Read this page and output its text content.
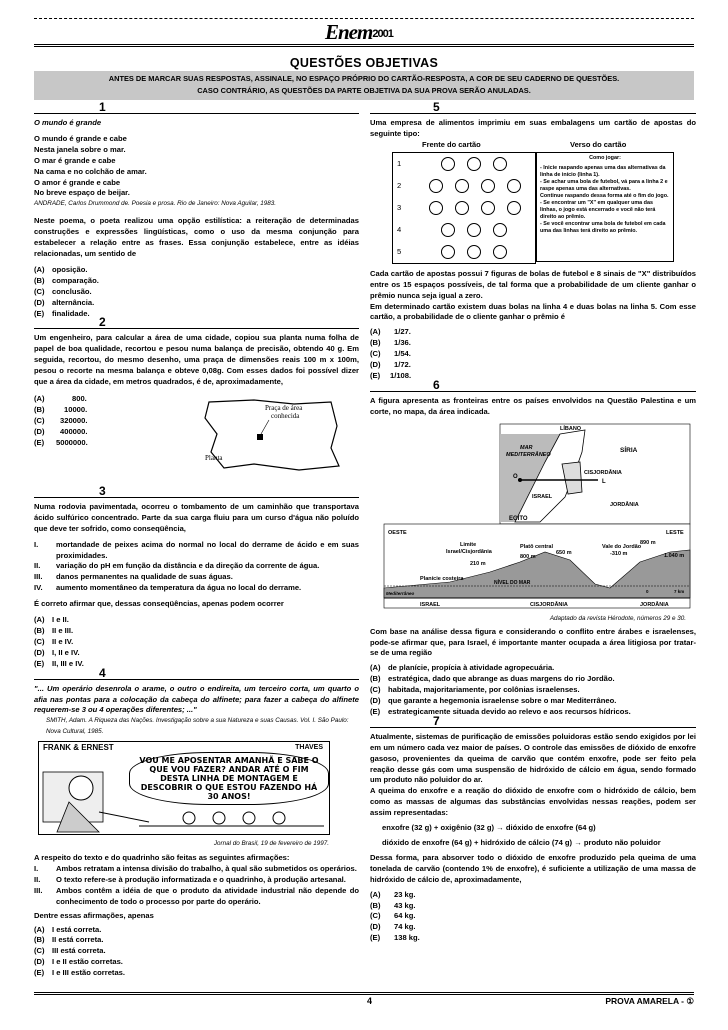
Enem$^{2001}$
QUESTÕES OBJETIVAS
ANTES DE MARCAR SUAS RESPOSTAS, ASSINALE, NO ESPAÇO PRÓPRIO DO CARTÃO-RESPOSTA, A COR DE SEU CADERNO DE QUESTÕES.
CASO CONTRÁRIO, AS QUESTÕES DA PARTE OBJETIVA DA SUA PROVA SERÃO ANULADAS.
1

O mundo é grande

O mundo é grande e cabe

Nesta janela sobre o mar.

O mar é grande e cabe

Na cama e no colchão de amar.

O amor é grande e cabe

No breve espaço de beijar.

ANDRADE, Carlos Drummond de. Poesia e prosa. Rio de Janeiro: Nova Aguilar, 1983.

Neste poema, o poeta realizou uma opção estilística: a reiteração de determinadas construções e expressões lingüísticas, como o uso da mesma conjunção para estabelecer a relação entre as frases. Essa conjunção estabelece, entre as idéias relacionadas, um sentido de

(A) oposição.
(B) comparação.
(C) conclusão.
(D) alternância.
(E)	finalidade.
2

Um engenheiro, para calcular a área de uma cidade, copiou sua planta numa folha de papel de boa qualidade, recortou e pesou numa balança de precisão, obtendo 40 g. Em seguida, recortou, do mesmo desenho, uma praça de dimensões reais 100 m x 100m, pesou o recorte na mesma balança e obteve 0,08g. Com esses dados foi possível dizer que a área da cidade, em metros quadrados, é de, aproximadamente,

(A)	800.
(B)	10000.
(C)	320000.
(D)	400000.
(E)	5000000.
Praça de área
conhecida
Planta
3

Numa rodovia pavimentada, ocorreu o tombamento de um caminhão que transportava ácido sulfúrico concentrado. Parte da sua carga fluiu para um curso d'água não poluído que deve ter sofrido, como conseqüência,

I.	mortandade de peixes acima do normal no local do derrame de ácido e em suas proximidades.
II.	variação do pH em função da distância e da direção da corrente de água.
III.	danos permanentes na qualidade de suas águas.
IV.	aumento momentâneo da temperatura da água no local do derrame.

É correto afirmar que, dessas conseqüências, apenas podem ocorrer

(A) I e II.
(B) II e III.
(C) II e IV.
(D) I, II e IV.
(E)	II, III e IV.
4

"... Um operário desenrola o arame, o outro o endireita, um terceiro corta, um quarto o afia nas pontas para a colocação da cabeça do alfinete; para fazer a cabeça do alfinete requerem-se 3 ou 4 operações diferentes; ..."

SMITH, Adam. A Riqueza das Nações. Investigação sobre a sua Natureza e suas Causas. Vol. I. São Paulo: Nova Cultural, 1985.

FRANK & ERNEST	THAVES
VOU ME APOSENTAR AMANHÃ E SABE O QUE VOU FAZER? ANDAR ATÉ O FIM DESTA LINHA DE MONTAGEM E DESCOBRIR O QUE ESTOU FAZENDO HÁ 30 ANOS!

Jornal do Brasil, 19 de fevereiro de 1997.

A respeito do texto e do quadrinho são feitas as seguintes afirmações:

I.	Ambos retratam a intensa divisão do trabalho, à qual são submetidos os operários.
II.	O texto refere-se à produção informatizada e o quadrinho, à produção artesanal.
III.	Ambos contêm a idéia de que o produto da atividade industrial não depende do conhecimento de todo o processo por parte do operário.

Dentre essas afirmações, apenas

(A) I está correta.
(B) II está correta.
(C) III está correta.
(D) I e II estão corretas.
(E)	I e III estão corretas.
5

Uma empresa de alimentos imprimiu em suas embalagens um cartão de apostas do seguinte tipo:

Frente do cartão	Verso do cartão
1
2
3
4
5
Como jogar:
- Inicie raspando apenas uma das alternativas da linha de início (linha 1).
- Se achar uma bola de futebol, vá para a linha 2 e raspe apenas uma das alternativas.
Continue raspando dessa forma até o fim do jogo.
- Se encontrar um "X" em qualquer uma das linhas, o jogo está encerrado e você não terá direito ao prêmio.
- Se você encontrar uma bola de futebol em cada uma das linhas terá direito ao prêmio.

Cada cartão de apostas possui 7 figuras de bolas de futebol e 8 sinais de "X" distribuídos entre os 15 espaços possíveis, de tal forma que a probabilidade de um cliente ganhar o prêmio nunca seja igual a zero.

Em determinado cartão existem duas bolas na linha 4 e duas bolas na linha 5. Com esse cartão, a probabilidade de o cliente ganhar o prêmio é

(A)	1/27.
(B)	1/36.
(C)	1/54.
(D)	1/72.
(E)	1/108.
6

A figura apresenta as fronteiras entre os países envolvidos na Questão Palestina e um corte, no mapa, da área indicada.

LÍBANO
MAR
MEDITERRÂNEO
SÍRIA
CISJORDÂNIA
ISRAEL
JORDÂNIA
EGITO
O
L
OESTE	LESTE
Limite
Israel/Cisjordânia
Platô central	Vale do Jordão
Planície costeira
NÍVEL DO MAR
Mediterrâneo
210 m
800 m
650 m	-310 m
890 m
1.040 m
0	7 km
ISRAEL	CISJORDÂNIA	JORDÂNIA

Adaptado da revista Hérodote, números 29 e 30.

Com base na análise dessa figura e considerando o conflito entre árabes e israelenses, pode-se afirmar que, para Israel, é importante manter ocupada a área litigiosa por tratar-se de uma região

(A) de planície, propícia à atividade agropecuária.
(B) estratégica, dado que abrange as duas margens do rio Jordão.
(C) habitada, majoritariamente, por colônias israelenses.
(D) que garante a hegemonia israelense sobre o mar Mediterrâneo.
(E)	estrategicamente situada devido ao relevo e aos recursos hídricos.
7

Atualmente, sistemas de purificação de emissões poluidoras estão sendo exigidos por lei em um número cada vez maior de países. O controle das emissões de dióxido de enxofre gasoso, provenientes da queima de carvão que contém enxofre, pode ser feito pela reação desse gás com uma suspensão de hidróxido de cálcio em água, sendo formado um produto não poluidor do ar.

A queima do enxofre e a reação do dióxido de enxofre com o hidróxido de cálcio, bem como as massas de algumas das substâncias envolvidas nessas reações, podem ser assim representadas:

enxofre (32 g) + oxigênio (32 g) → dióxido de enxofre (64 g)

dióxido de enxofre (64 g) + hidróxido de cálcio (74 g) → produto não poluidor

Dessa forma, para absorver todo o dióxido de enxofre produzido pela queima de uma tonelada de carvão (contendo 1% de enxofre), é suficiente a utilização de uma massa de hidróxido de cálcio de, aproximadamente,

(A)	23 kg.
(B)	43 kg.
(C)	64 kg.
(D)	74 kg.
(E)	138 kg.
4	PROVA AMARELA - ①
